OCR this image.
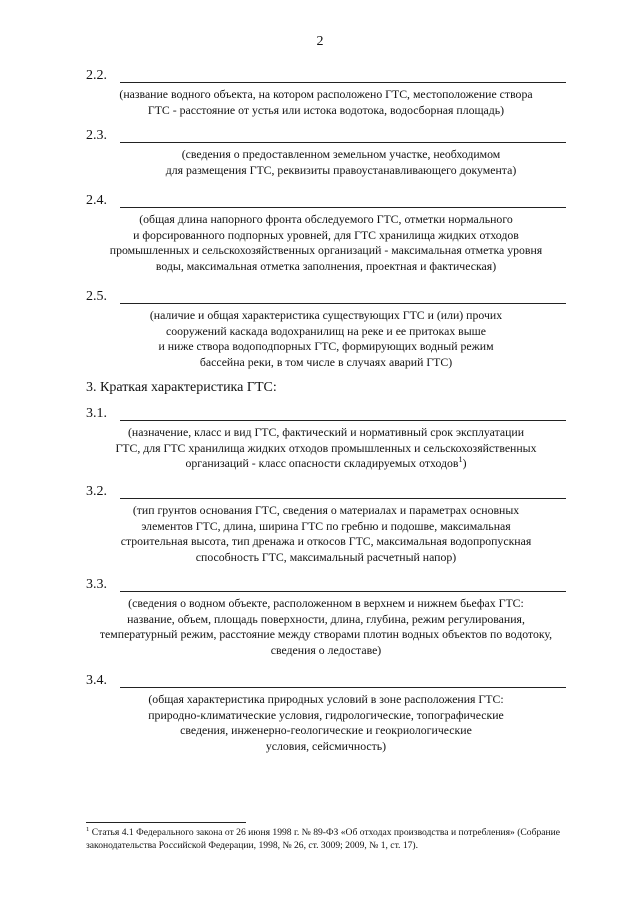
2
2.2.
(название водного объекта, на котором расположено ГТС, местоположение створа
ГТС - расстояние от устья или истока водотока, водосборная площадь)
2.3.
(сведения о предоставленном земельном участке, необходимом
для размещения ГТС, реквизиты правоустанавливающего документа)
2.4.
(общая длина напорного фронта обследуемого ГТС, отметки нормального
и форсированного подпорных уровней, для ГТС хранилища жидких отходов
промышленных и сельскохозяйственных организаций - максимальная отметка уровня
воды, максимальная отметка заполнения, проектная и фактическая)
2.5.
(наличие и общая характеристика существующих ГТС и (или) прочих
сооружений каскада водохранилищ на реке и ее притоках выше
и ниже створа водоподпорных ГТС, формирующих водный режим
бассейна реки, в том числе в случаях аварий ГТС)
3. Краткая характеристика ГТС:
3.1.
(назначение, класс и вид ГТС, фактический и нормативный срок эксплуатации
ГТС, для ГТС хранилища жидких отходов промышленных и сельскохозяйственных
организаций - класс опасности складируемых отходов$^1$)
3.2.
(тип грунтов основания ГТС, сведения о материалах и параметрах основных
элементов ГТС, длина, ширина ГТС по гребню и подошве, максимальная
строительная высота, тип дренажа и откосов ГТС, максимальная водопропускная
способность ГТС, максимальный расчетный напор)
3.3.
(сведения о водном объекте, расположенном в верхнем и нижнем бьефах ГТС:
название, объем, площадь поверхности, длина, глубина, режим регулирования,
температурный режим, расстояние между створами плотин водных объектов по водотоку,
сведения о ледоставе)
3.4.
(общая характеристика природных условий в зоне расположения ГТС:
природно-климатические условия, гидрологические, топографические
сведения, инженерно-геологические и геокриологические
условия, сейсмичность)
$^1$ Статья 4.1 Федерального закона от 26 июня 1998 г. № 89-ФЗ «Об отходах производства и потребления» (Собрание законодательства Российской Федерации, 1998, № 26, ст. 3009; 2009, № 1, ст. 17).
